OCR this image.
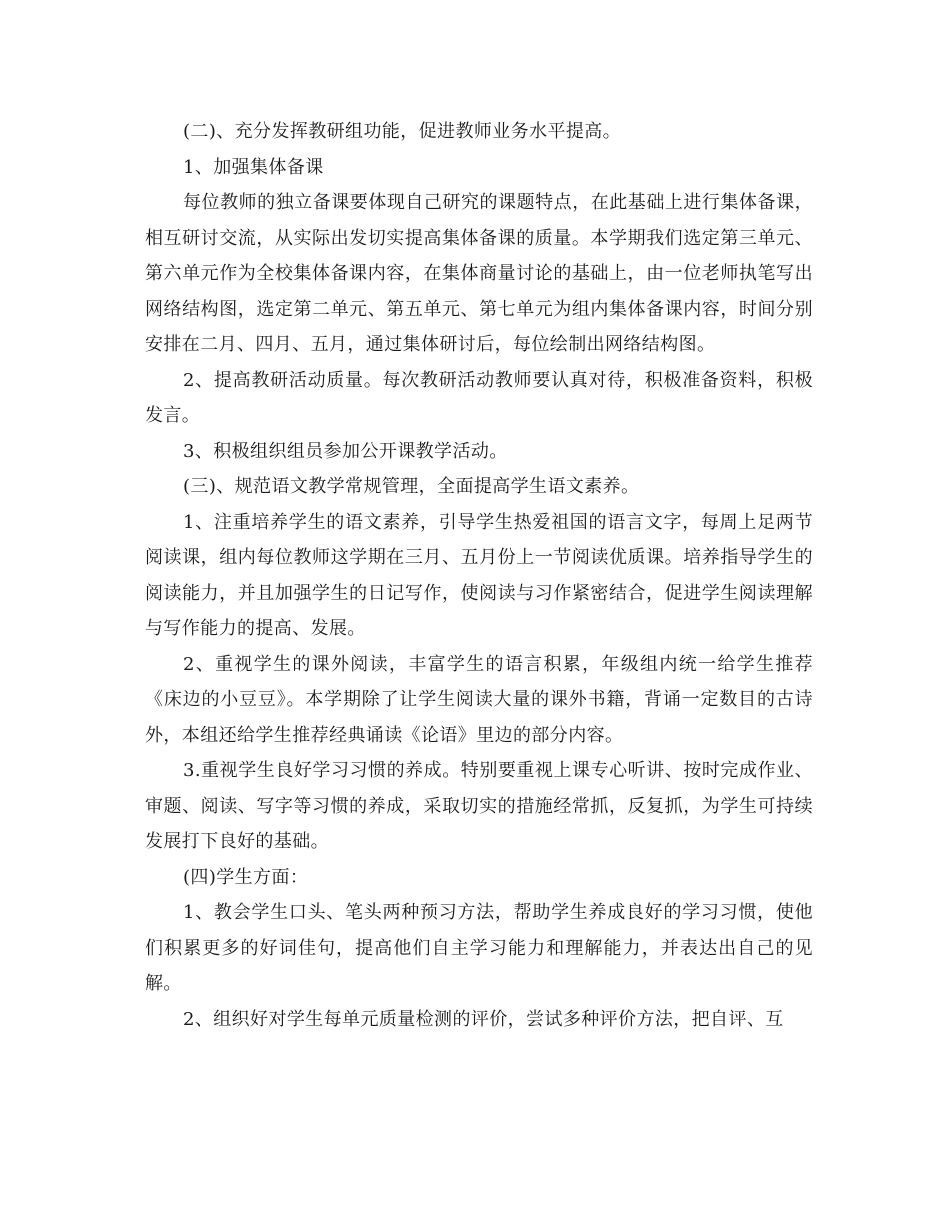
(二)、充分发挥教研组功能，促进教师业务水平提高。

1、加强集体备课

每位教师的独立备课要体现自己研究的课题特点，在此基础上进行集体备课，相互研讨交流，从实际出发切实提高集体备课的质量。本学期我们选定第三单元、第六单元作为全校集体备课内容，在集体商量讨论的基础上，由一位老师执笔写出网络结构图，选定第二单元、第五单元、第七单元为组内集体备课内容，时间分别安排在二月、四月、五月，通过集体研讨后，每位绘制出网络结构图。

2、提高教研活动质量。每次教研活动教师要认真对待，积极准备资料，积极发言。

3、积极组织组员参加公开课教学活动。

(三)、规范语文教学常规管理，全面提高学生语文素养。

1、注重培养学生的语文素养，引导学生热爱祖国的语言文字，每周上足两节阅读课，组内每位教师这学期在三月、五月份上一节阅读优质课。培养指导学生的阅读能力，并且加强学生的日记写作，使阅读与习作紧密结合，促进学生阅读理解与写作能力的提高、发展。

2、重视学生的课外阅读，丰富学生的语言积累，年级组内统一给学生推荐《床边的小豆豆》。本学期除了让学生阅读大量的课外书籍，背诵一定数目的古诗外，本组还给学生推荐经典诵读《论语》里边的部分内容。

3.重视学生良好学习习惯的养成。特别要重视上课专心听讲、按时完成作业、审题、阅读、写字等习惯的养成，采取切实的措施经常抓，反复抓，为学生可持续发展打下良好的基础。

(四)学生方面：

1、教会学生口头、笔头两种预习方法，帮助学生养成良好的学习习惯，使他们积累更多的好词佳句，提高他们自主学习能力和理解能力，并表达出自己的见解。

2、组织好对学生每单元质量检测的评价，尝试多种评价方法，把自评、互
